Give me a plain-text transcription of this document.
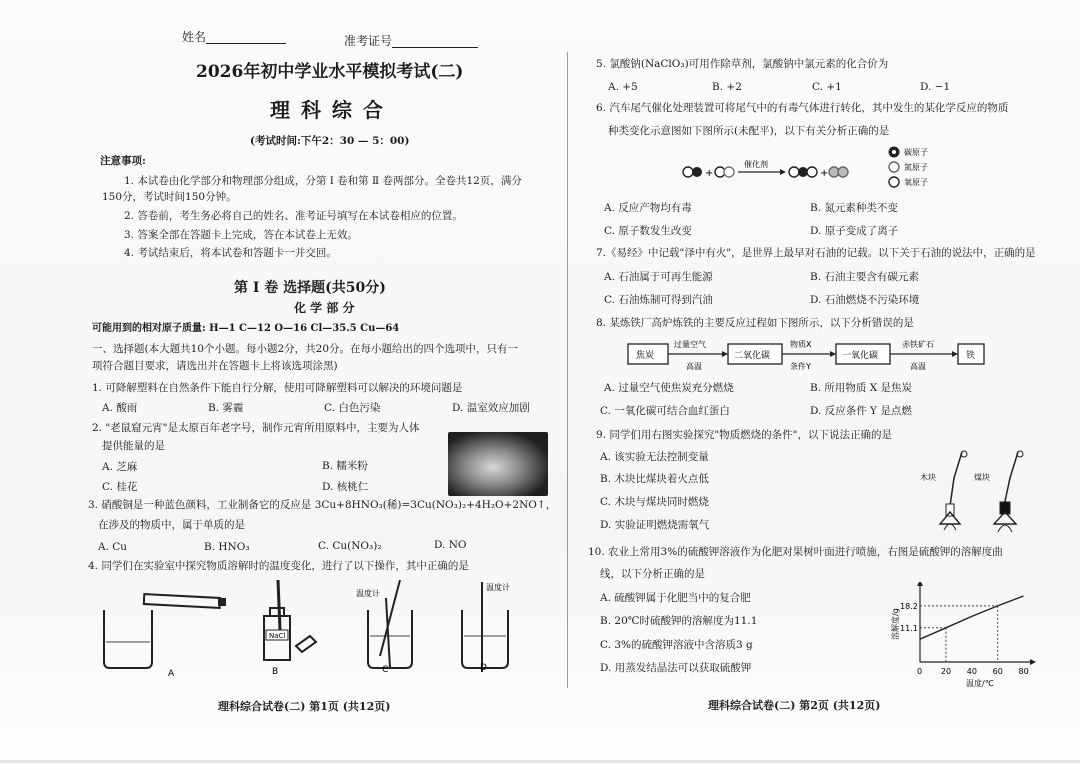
姓名	准考证号
2026年初中学业水平模拟考试(二)
理 科 综 合
(考试时间:下午2：30 — 5：00)
注意事项:
1. 本试卷由化学部分和物理部分组成，分第 Ⅰ 卷和第 Ⅱ 卷两部分。全卷共12页，满分
150分，考试时间150分钟。
2. 答卷前，考生务必将自己的姓名、准考证号填写在本试卷相应的位置。
3. 答案全部在答题卡上完成，答在本试卷上无效。
4. 考试结束后，将本试卷和答题卡一并交回。
第 Ⅰ 卷 选择题(共50分)
化 学 部 分
可能用到的相对原子质量: H—1 C—12 O—16 Cl—35.5 Cu—64
一、选择题(本大题共10个小题。每小题2分，共20分。在每小题给出的四个选项中，只有一
项符合题目要求，请选出并在答题卡上将该选项涂黑)
1. 可降解塑料在自然条件下能自行分解，使用可降解塑料可以解决的环境问题是
A. 酸雨	B. 雾霾	C. 白色污染	D. 温室效应加剧
2. "老鼠窟元宵"是太原百年老字号，制作元宵所用原料中，主要为人体
提供能量的是
A. 芝麻	B. 糯米粉
C. 桂花	D. 核桃仁
3. 硝酸铜是一种蓝色颜料，工业制备它的反应是 3Cu+8HNO₃(稀)=3Cu(NO₃)₂+4H₂O+2NO↑，
在涉及的物质中，属于单质的是
A. Cu	B. HNO₃	C. Cu(NO₃)₂	D. NO
4. 同学们在实验室中探究物质溶解时的温度变化，进行了以下操作，其中正确的是
NaCl
温度计
温度计
A	B	C	D
理科综合试卷(二) 第1页 (共12页)
5. 氯酸钠(NaClO₃)可用作除草剂，氯酸钠中氯元素的化合价为
A. +5	B. +2	C. +1	D. −1
6. 汽车尾气催化处理装置可将尾气中的有毒气体进行转化，其中发生的某化学反应的物质
种类变化示意图如下图所示(未配平)，以下有关分析正确的是
+
催化剂
+
碳原子
氮原子
氧原子
A. 反应产物均有毒	B. 氮元素种类不变
C. 原子数发生改变	D. 原子变成了离子
7.《易经》中记载"泽中有火"，是世界上最早对石油的记载。以下关于石油的说法中，正确的是
A. 石油属于可再生能源	B. 石油主要含有碳元素
C. 石油炼制可得到汽油	D. 石油燃烧不污染环境
8. 某炼铁厂高炉炼铁的主要反应过程如下图所示，以下分析错误的是
焦炭
过量空气
高温
二氧化碳
物质X
条件Y
一氧化碳
赤铁矿石
高温
铁
A. 过量空气使焦炭充分燃烧	B. 所用物质 X 是焦炭
C. 一氧化碳可结合血红蛋白	D. 反应条件 Y 是点燃
9. 同学们用右图实验探究"物质燃烧的条件"，以下说法正确的是
A. 该实验无法控制变量
B. 木块比煤块着火点低
C. 木块与煤块同时燃烧
D. 实验证明燃烧需氧气
木块	煤块
10. 农业上常用3%的硫酸钾溶液作为化肥对果树叶面进行喷施，右图是硫酸钾的溶解度曲
线，以下分析正确的是
A. 硫酸钾属于化肥当中的复合肥
B. 20℃时硫酸钾的溶解度为11.1
C. 3%的硫酸钾溶液中含溶质3 g
D. 用蒸发结晶法可以获取硫酸钾	0 20 40 60 80
11.1
18.2
溶解度/g
温度/℃
理科综合试卷(二) 第2页 (共12页)
